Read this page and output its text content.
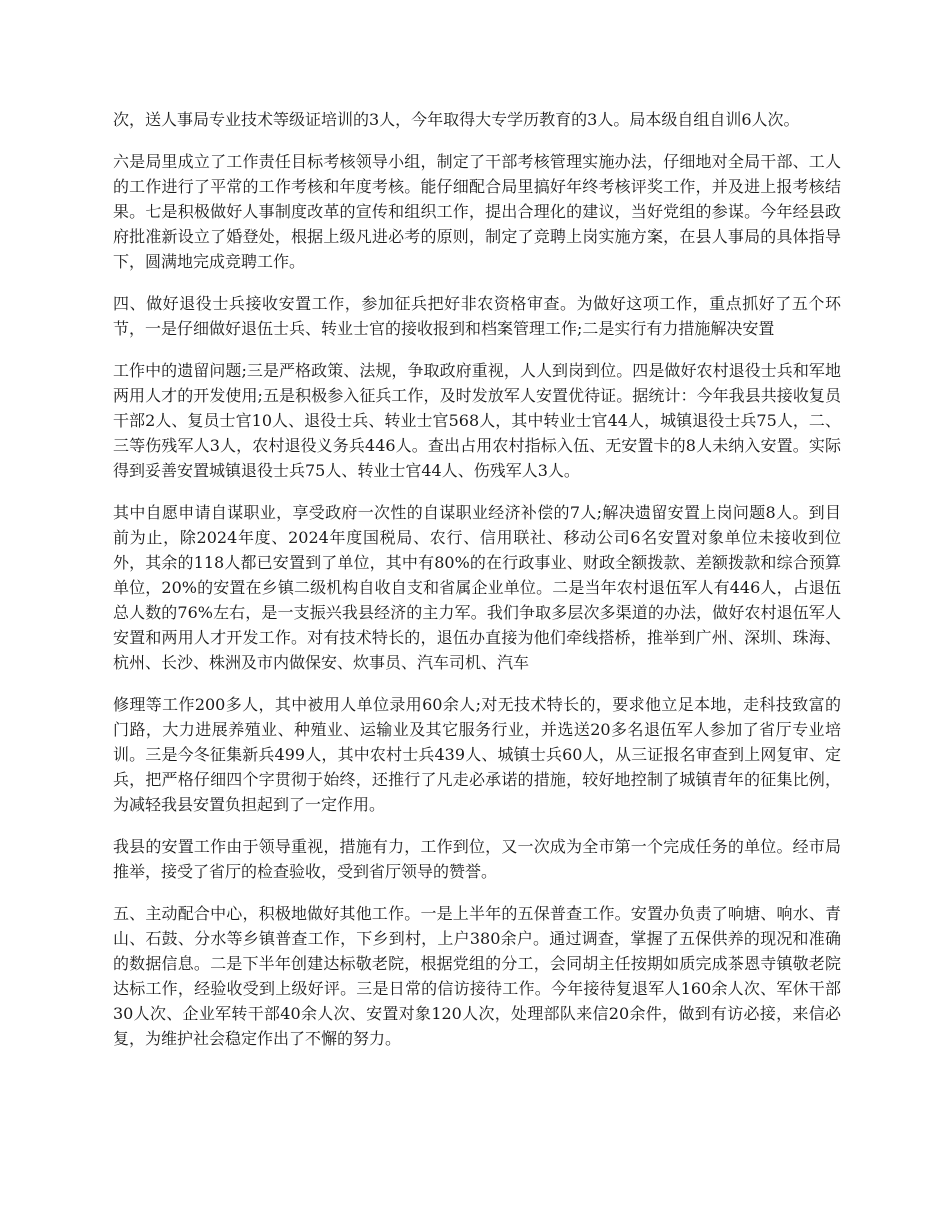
次，送人事局专业技术等级证培训的3人，今年取得大专学历教育的3人。局本级自组自训6人次。

六是局里成立了工作责任目标考核领导小组，制定了干部考核管理实施办法，仔细地对全局干部、工人的工作进行了平常的工作考核和年度考核。能仔细配合局里搞好年终考核评奖工作，并及进上报考核结果。七是积极做好人事制度改革的宣传和组织工作，提出合理化的建议，当好党组的参谋。今年经县政府批准新设立了婚登处，根据上级凡进必考的原则，制定了竞聘上岗实施方案，在县人事局的具体指导下，圆满地完成竞聘工作。

四、做好退役士兵接收安置工作，参加征兵把好非农资格审查。为做好这项工作，重点抓好了五个环节，一是仔细做好退伍士兵、转业士官的接收报到和档案管理工作;二是实行有力措施解决安置

工作中的遗留问题;三是严格政策、法规，争取政府重视，人人到岗到位。四是做好农村退役士兵和军地两用人才的开发使用;五是积极参入征兵工作，及时发放军人安置优待证。据统计：今年我县共接收复员干部2人、复员士官10人、退役士兵、转业士官568人，其中转业士官44人，城镇退役士兵75人，二、三等伤残军人3人，农村退役义务兵446人。查出占用农村指标入伍、无安置卡的8人未纳入安置。实际得到妥善安置城镇退役士兵75人、转业士官44人、伤残军人3人。

其中自愿申请自谋职业，享受政府一次性的自谋职业经济补偿的7人;解决遗留安置上岗问题8人。到目前为止，除2024年度、2024年度国税局、农行、信用联社、移动公司6名安置对象单位未接收到位外，其余的118人都已安置到了单位，其中有80%的在行政事业、财政全额拨款、差额拨款和综合预算单位，20%的安置在乡镇二级机构自收自支和省属企业单位。二是当年农村退伍军人有446人，占退伍总人数的76%左右，是一支振兴我县经济的主力军。我们争取多层次多渠道的办法，做好农村退伍军人安置和两用人才开发工作。对有技术特长的，退伍办直接为他们牵线搭桥，推举到广州、深圳、珠海、杭州、长沙、株洲及市内做保安、炊事员、汽车司机、汽车

修理等工作200多人，其中被用人单位录用60余人;对无技术特长的，要求他立足本地，走科技致富的门路，大力进展养殖业、种殖业、运输业及其它服务行业，并选送20多名退伍军人参加了省厅专业培训。三是今冬征集新兵499人，其中农村士兵439人、城镇士兵60人，从三证报名审查到上网复审、定兵，把严格仔细四个字贯彻于始终，还推行了凡走必承诺的措施，较好地控制了城镇青年的征集比例，为减轻我县安置负担起到了一定作用。

我县的安置工作由于领导重视，措施有力，工作到位，又一次成为全市第一个完成任务的单位。经市局推举，接受了省厅的检查验收，受到省厅领导的赞誉。

五、主动配合中心，积极地做好其他工作。一是上半年的五保普查工作。安置办负责了响塘、响水、青山、石鼓、分水等乡镇普查工作，下乡到村，上户380余户。通过调查，掌握了五保供养的现况和准确的数据信息。二是下半年创建达标敬老院，根据党组的分工，会同胡主任按期如质完成茶恩寺镇敬老院达标工作，经验收受到上级好评。三是日常的信访接待工作。今年接待复退军人160余人次、军休干部30人次、企业军转干部40余人次、安置对象120人次，处理部队来信20余件，做到有访必接，来信必复，为维护社会稳定作出了不懈的努力。
